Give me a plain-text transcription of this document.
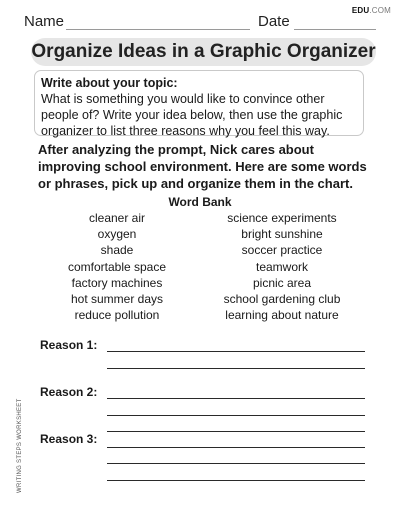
Name	Date
EDU.COM
Organize Ideas in a Graphic Organizer
Write about your topic:
What is something you would like to convince other people of? Write your idea below, then use the graphic organizer to list three reasons why you feel this way.
After analyzing the prompt, Nick cares about improving school environment. Here are some words or phrases, pick up and organize them in the chart.
Word Bank
cleaner air
oxygen
shade
comfortable space
factory machines
hot summer days
reduce pollution
science experiments
bright sunshine
soccer practice
teamwork
picnic area
school gardening club
learning about nature
Reason 1:
Reason 2:
Reason 3:
WRITING STEPS WORKSHEET
